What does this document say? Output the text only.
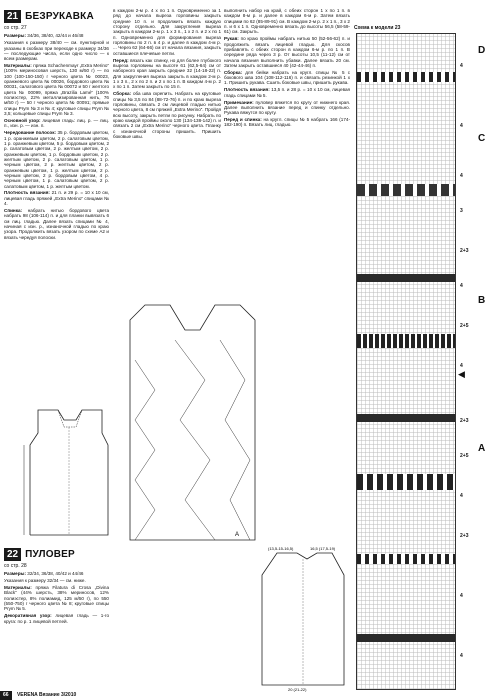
21 БЕЗРУКАВКА
со стр. 27

Размеры: 34/36, 38/40, 42/44 и 46/48

Указания к размеру 38/40 — см. пунктирной и указаны в скобках при переходе к размеру 34/36 — последующие числа, если одно число — к всем размерам.

Материалы: пряжа Schachenmayr „Extra Merino“ (100% мериносовая шерсть, 130 м/50 г) — по 100 (100-150-150) г черного цвета № 00023, оранжевого цвета № 00026, бордового цвета № 00031, салатового цвета № 00072 и 50 г желтого цвета № 00099, пряжа „Brazilia Lamé“ (100% полиэстер, 22% металлизированная нить, 76 м/50 г) — 50 г черного цвета № 00091; прямые спицы Prym № 3 и № 4; круговые спицы Prym № 3,5; кольцевые спицы Prym № 3.

Основной узор: лицевая гладь: лиц. р. — лиц. п., изн. р. — изн. п.

Чередование полосок: 35 р. бордовым цветом, 1 р. оранжевым цветом, 2 р. салатовым цветом, 1 р. оранжевым цветом, 5 р. бордовым цветом, 2 р. салатовым цветом, 2 р. желтым цветом, 2 р. оранжевым цветом, 1 р. бордовым цветом, 2 р. желтым цветом, 2 р. салатовым цветом, 1 р. черным цветом, 2 р. желтым цветом, 2 р. оранжевым цветом, 1 р. желтым цветом, 2 р. черным цветом, 2 р. бордовым цветом, 4 р. черным цветом, 1 р. салатовым цветом, 2 р. салатовым цветом, 1 р. желтым цветом.

Плотность вязания: 21 п. и 29 р. = 10 x 10 см, лицевая гладь пряжей „Extra Merino“ спицами № 4.

Спинка: набрать нитью бордового цвета набрать 98 (106-114) п. и для планки вывязать 6 см лиц. гладью. Далее вязать спицами № 4, начиная с изн. р., изнаночной гладью по краю узора. Продолжить вязать узором по схеме А2 и вязать чередуя полоски.

22 ПУЛОВЕР
со стр. 28

Размеры: 32/34, 36/38, 40/42 и 44/46

Указания к размеру 32/34 — см. ниже.

Материалы: пряжа Filatura di Crosa „Divina Black“ (44% шерсть, 38% мериносов, 12% полиэстер, 8% полиамид, 125 м/50 г), по 550 (550-750) г черного цвета № 8; круговые спицы Prym № 5.

Декоративная узор: лицевая гладь — 1-го круга: по р. 1 лицевой петлей.

в каждом 2-м р. 4 x по 1 п. Одновременно за 1 ряд до начала выреза горловины закрыть средние 10 п. и продолжить вязать каждую сторону отдельно. Для закругления выреза закрыть в каждом 2-м р. 1 x 3 п., 1 x 2 п. и 2 x по 1 п. Одновременно для формирования выреза горловины по 2 п. в 4 р. и далее в каждом 4-м р. ... Через 62 (64-66) см от начала вязания, закрыть оставшиеся плечевые петли.

Перед: вязать как спинку, но для более глубокого выреза горловины на высоте 61 (62,5-64) см от наборного края закрыть средние 32 (14-18-22) п. Для закругления выреза закрыть в каждом 2-м р. 1 x 3 п., 2 x по 2 п. и 2 x по 1 п. В каждом 4-м р. 2 x по 1 п. Затем закрыть по 15 п.

Сборка: оба шва скрепить. Набрать на круговые спицы № 3,5 по 84 (88-72-76) п. и по краю выреза горловины, связать 2 см лицевой гладью нитью черного цвета, 8 см пряжей „Extra Merino“. Пройдя всю высоту, закрыть петли по рисунку. Набрать по краю каждой проймы около 130 (134-138-142) п. и связать 2 см „Extra Merino“ черного цвета. Планку с изнаночной стороны пришить. Пришить боковые швы.

A

выполнить набор на край, с обеих сторон 1 x по 1 п. в каждом 8-м р. и далее в каждом 6-м р. Затем вязать спицами по 62 (85-89-91) см. В каждом 2-м р. 2 x 1 п., 3 x 2 п. и 6 x 1 п. Одновременно вязать до высоты 56,5 (58-59-61) см. Закрыть.

Рукав: по краю проймы набрать нитью 50 (52-56-62) п. и продолжить вязать лицевой гладью. Для скосов прибавлять с обеих сторон в каждом 6-м р. по 1 п. В середине ряда через 3 р. От высоты 10,5 (11-12) см от начала вязания выполнить убавки. Далее вязать 20 см. Затем закрыть оставшиеся 40 (42-44-46) п.

Сборка: для бейки набрать на кругл. спицы № 5 с бокового шва 104 (108-112-116) п. и связать резинкой 1 x 1. Пришить рукава. Сшить боковые швы, пришить рукава.

Плотность вязания: 13,5 п. и 28 р. = 10 x 10 см, лицевая гладь спицами № 5.

Примечание: пуловер вяжется по кругу от нижнего края. Далее выполнить вязание перед и спинку отдельно. Рукава вяжутся по кругу.

Перед и спинка: на кругл. спицы № 5 набрать 166 (174-182-190) п. Вязать лиц. гладью.

(13,5-15-16,5)	16,5 (17,5-19)
20 (21-22)
Схема к модели 23
4
4
4
3
2+3
4
2+5
4
2+3
2+5
4
2+3
4
4
D
C
B
A
◀
66 VERENA Вязание 3/2010
